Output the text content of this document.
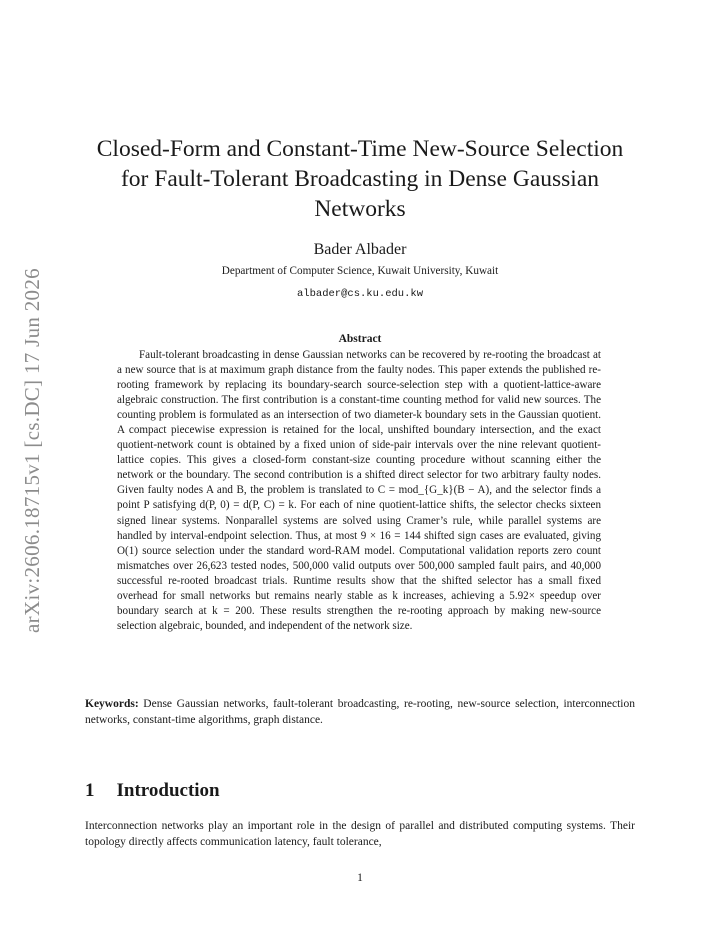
arXiv:2606.18715v1 [cs.DC] 17 Jun 2026
Closed-Form and Constant-Time New-Source Selection for Fault-Tolerant Broadcasting in Dense Gaussian Networks
Bader Albader
Department of Computer Science, Kuwait University, Kuwait
albader@cs.ku.edu.kw
Abstract
Fault-tolerant broadcasting in dense Gaussian networks can be recovered by re-rooting the broadcast at a new source that is at maximum graph distance from the faulty nodes. This paper extends the published re-rooting framework by replacing its boundary-search source-selection step with a quotient-lattice-aware algebraic construction. The first contribution is a constant-time counting method for valid new sources. The counting problem is formulated as an intersection of two diameter-k boundary sets in the Gaussian quotient. A compact piecewise expression is retained for the local, unshifted boundary intersection, and the exact quotient-network count is obtained by a fixed union of side-pair intervals over the nine relevant quotient-lattice copies. This gives a closed-form constant-size counting procedure without scanning either the network or the boundary. The second contribution is a shifted direct selector for two arbitrary faulty nodes. Given faulty nodes A and B, the problem is translated to C = mod_{G_k}(B − A), and the selector finds a point P satisfying d(P, 0) = d(P, C) = k. For each of nine quotient-lattice shifts, the selector checks sixteen signed linear systems. Nonparallel systems are solved using Cramer’s rule, while parallel systems are handled by interval-endpoint selection. Thus, at most 9 × 16 = 144 shifted sign cases are evaluated, giving O(1) source selection under the standard word-RAM model. Computational validation reports zero count mismatches over 26,623 tested nodes, 500,000 valid outputs over 500,000 sampled fault pairs, and 40,000 successful re-rooted broadcast trials. Runtime results show that the shifted selector has a small fixed overhead for small networks but remains nearly stable as k increases, achieving a 5.92× speedup over boundary search at k = 200. These results strengthen the re-rooting approach by making new-source selection algebraic, bounded, and independent of the network size.
Keywords: Dense Gaussian networks, fault-tolerant broadcasting, re-rooting, new-source selection, interconnection networks, constant-time algorithms, graph distance.
1 Introduction
Interconnection networks play an important role in the design of parallel and distributed computing systems. Their topology directly affects communication latency, fault tolerance,
1
